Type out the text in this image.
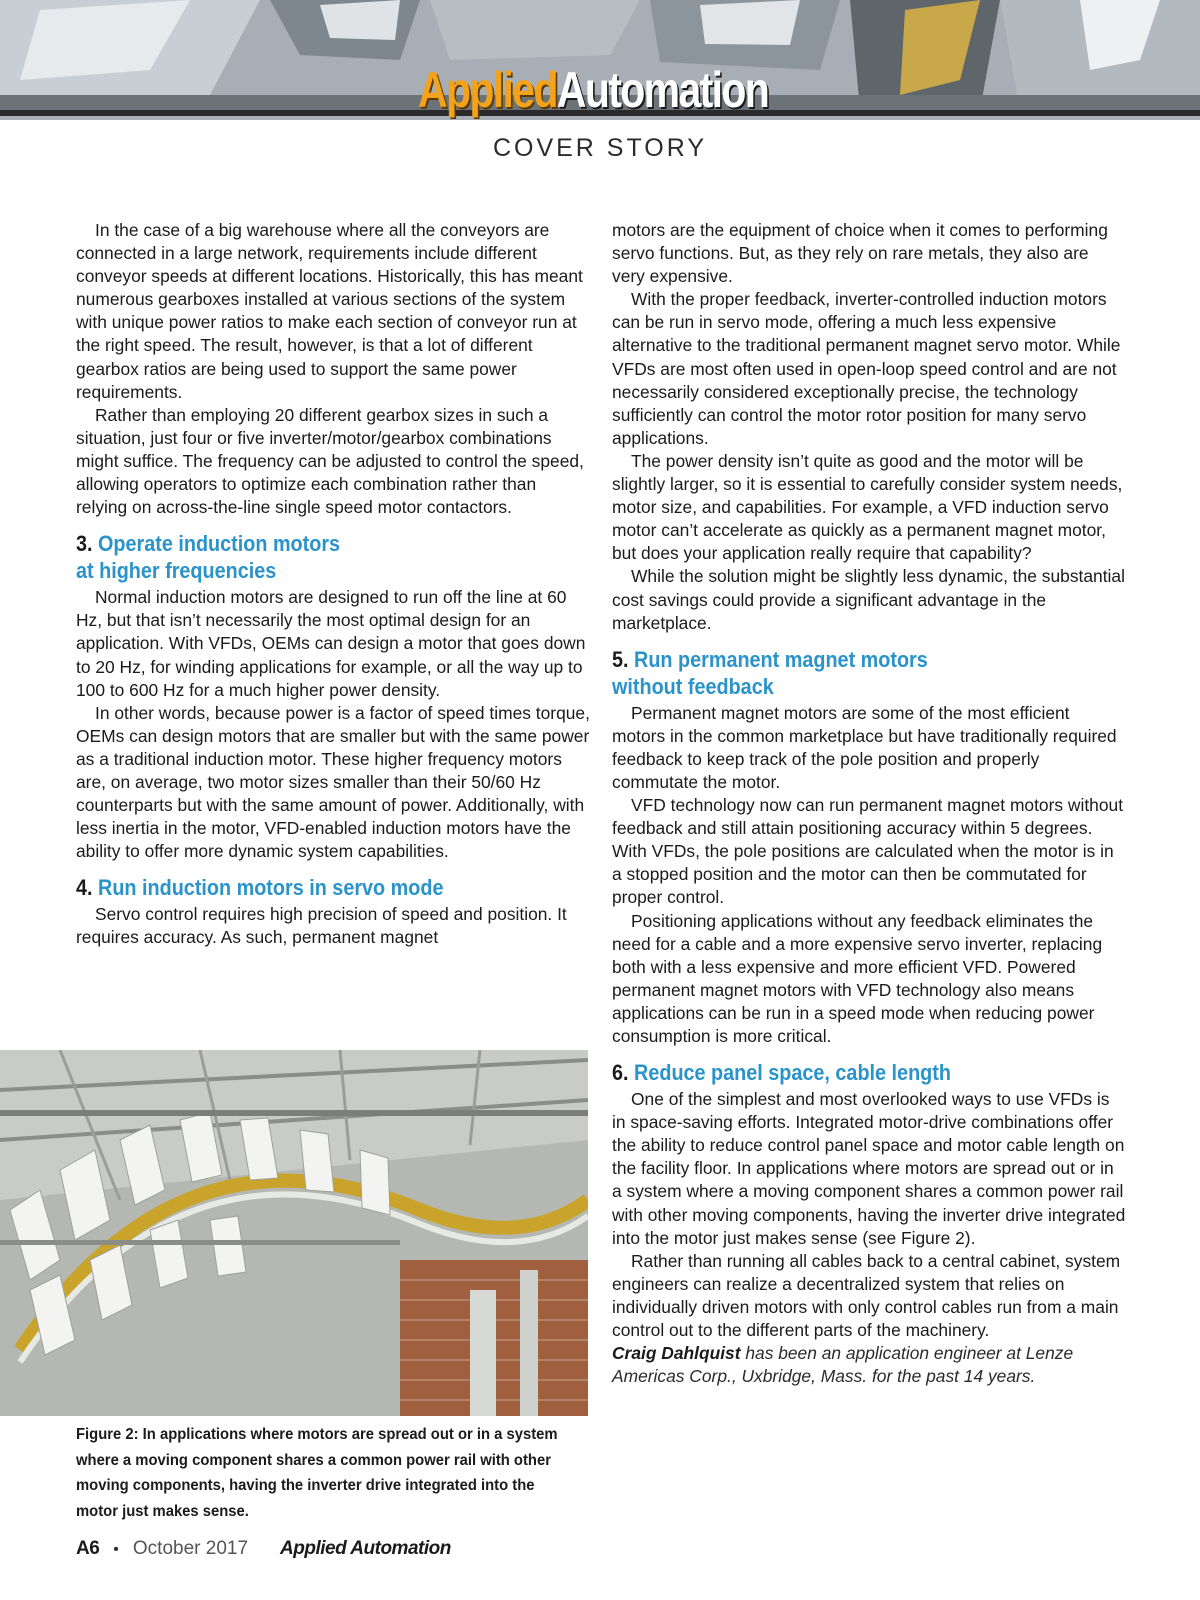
AppliedAutomation
COVER STORY

In the case of a big warehouse where all the conveyors are connected in a large network, requirements include different conveyor speeds at different locations. Historically, this has meant numerous gearboxes installed at various sections of the system with unique power ratios to make each section of conveyor run at the right speed. The result, however, is that a lot of different gearbox ratios are being used to support the same power requirements.

Rather than employing 20 different gearbox sizes in such a situation, just four or five inverter/motor/gearbox combinations might suffice. The frequency can be adjusted to control the speed, allowing operators to optimize each combination rather than relying on across-the-line single speed motor contactors.

3. Operate induction motors
at higher frequencies

Normal induction motors are designed to run off the line at 60 Hz, but that isn’t necessarily the most optimal design for an application. With VFDs, OEMs can design a motor that goes down to 20 Hz, for winding applications for example, or all the way up to 100 to 600 Hz for a much higher power density.

In other words, because power is a factor of speed times torque, OEMs can design motors that are smaller but with the same power as a traditional induction motor. These higher frequency motors are, on average, two motor sizes smaller than their 50/60 Hz counterparts but with the same amount of power. Additionally, with less inertia in the motor, VFD-enabled induction motors have the ability to offer more dynamic system capabilities.

4. Run induction motors in servo mode

Servo control requires high precision of speed and position. It requires accuracy. As such, permanent magnet

Figure 2: In applications where motors are spread out or in a system where a moving component shares a common power rail with other moving components, having the inverter drive integrated into the motor just makes sense.

motors are the equipment of choice when it comes to performing servo functions. But, as they rely on rare metals, they also are very expensive.

With the proper feedback, inverter-controlled induction motors can be run in servo mode, offering a much less expensive alternative to the traditional permanent magnet servo motor. While VFDs are most often used in open-loop speed control and are not necessarily considered exceptionally precise, the technology sufficiently can control the motor rotor position for many servo applications.

The power density isn’t quite as good and the motor will be slightly larger, so it is essential to carefully consider system needs, motor size, and capabilities. For example, a VFD induction servo motor can’t accelerate as quickly as a permanent magnet motor, but does your application really require that capability?

While the solution might be slightly less dynamic, the substantial cost savings could provide a significant advantage in the marketplace.

5. Run permanent magnet motors
without feedback

Permanent magnet motors are some of the most efficient motors in the common marketplace but have traditionally required feedback to keep track of the pole position and properly commutate the motor.

VFD technology now can run permanent magnet motors without feedback and still attain positioning accuracy within 5 degrees. With VFDs, the pole positions are calculated when the motor is in a stopped position and the motor can then be commutated for proper control.

Positioning applications without any feedback eliminates the need for a cable and a more expensive servo inverter, replacing both with a less expensive and more efficient VFD. Powered permanent magnet motors with VFD technology also means applications can be run in a speed mode when reducing power consumption is more critical.

6. Reduce panel space, cable length

One of the simplest and most overlooked ways to use VFDs is in space-saving efforts. Integrated motor-drive combinations offer the ability to reduce control panel space and motor cable length on the facility floor. In applications where motors are spread out or in a system where a moving component shares a common power rail with other moving components, having the inverter drive integrated into the motor just makes sense (see Figure 2).

Rather than running all cables back to a central cabinet, system engineers can realize a decentralized system that relies on individually driven motors with only control cables run from a main control out to the different parts of the machinery.

Craig Dahlquist has been an application engineer at Lenze Americas Corp., Uxbridge, Mass. for the past 14 years.

A6 • October 2017 Applied Automation
